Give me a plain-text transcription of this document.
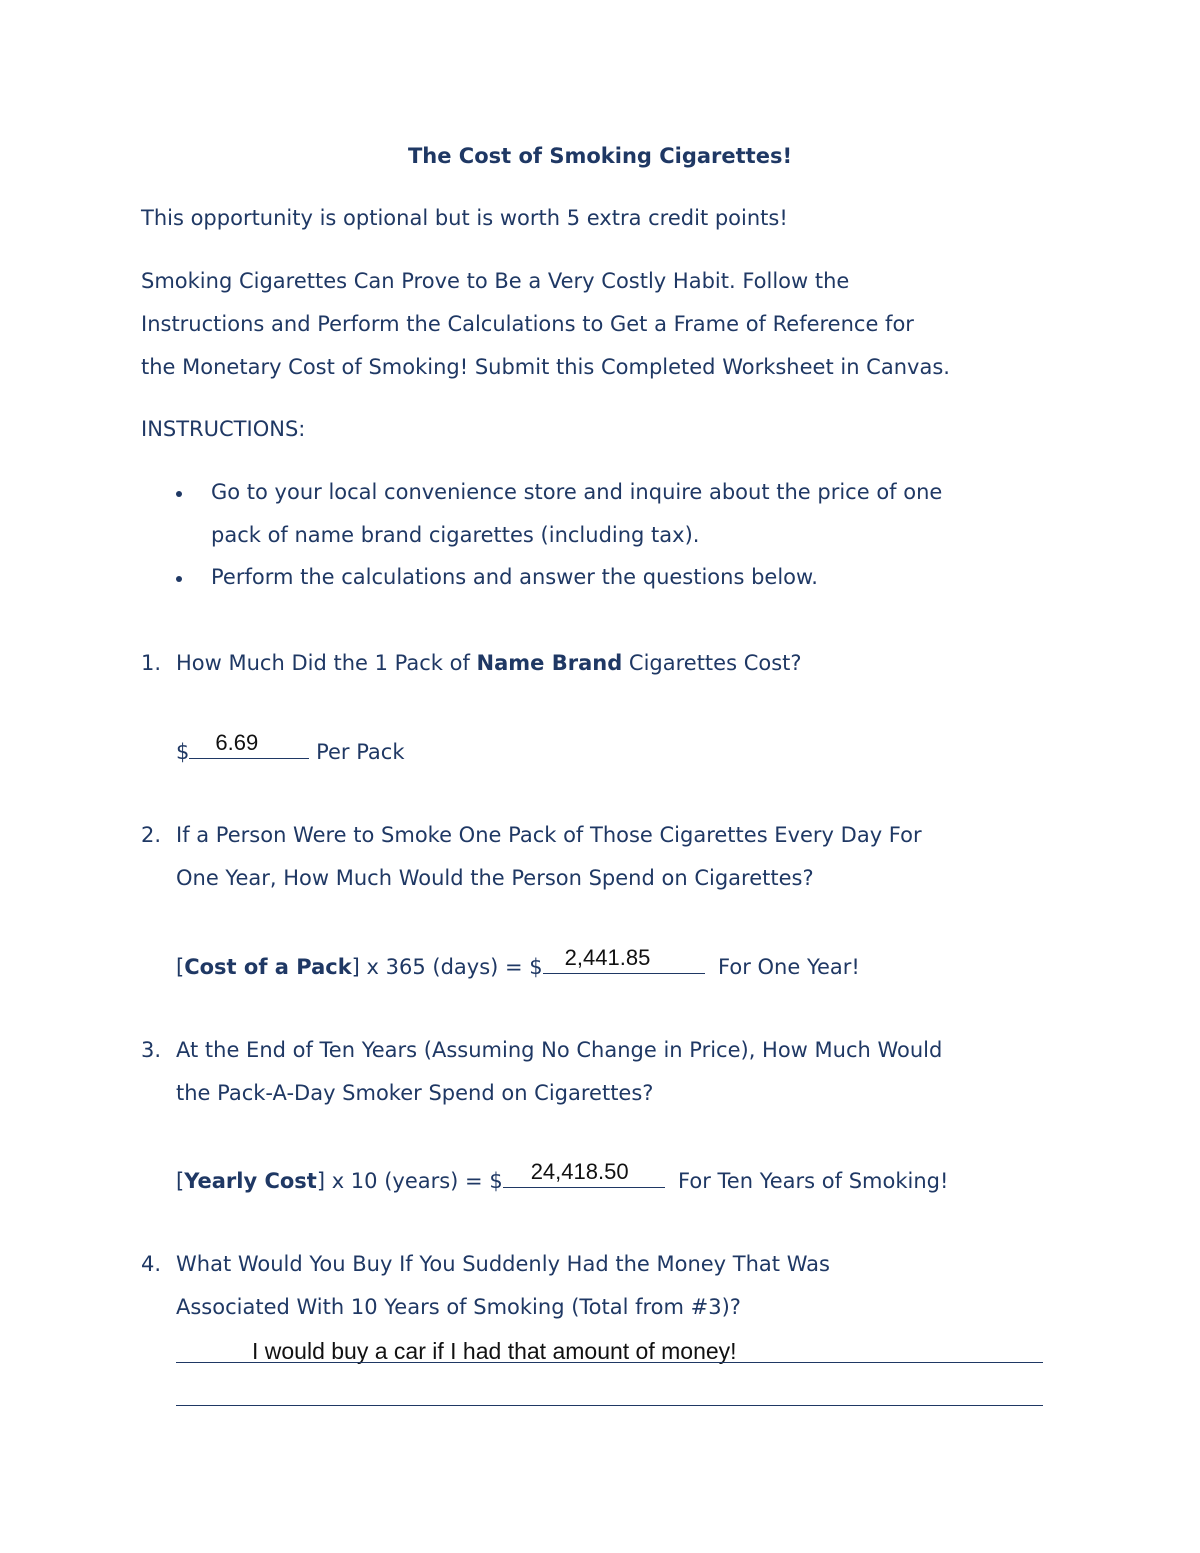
The Cost of Smoking Cigarettes!
This opportunity is optional but is worth 5 extra credit points!
Smoking Cigarettes Can Prove to Be a Very Costly Habit. Follow the
Instructions and Perform the Calculations to Get a Frame of Reference for
the Monetary Cost of Smoking! Submit this Completed Worksheet in Canvas.
INSTRUCTIONS:
Go to your local convenience store and inquire about the price of one
pack of name brand cigarettes (including tax).
Perform the calculations and answer the questions below.
1. How Much Did the 1 Pack of Name Brand Cigarettes Cost?
$ 6.69	Per Pack
2. If a Person Were to Smoke One Pack of Those Cigarettes Every Day For
One Year, How Much Would the Person Spend on Cigarettes?
[Cost of a Pack] x 365 (days) = $ 2,441.85	For One Year!
3. At the End of Ten Years (Assuming No Change in Price), How Much Would
the Pack-A-Day Smoker Spend on Cigarettes?
[Yearly Cost] x 10 (years) = $ 24,418.50 For Ten Years of Smoking!
4. What Would You Buy If You Suddenly Had the Money That Was
Associated With 10 Years of Smoking (Total from #3)?
I would buy a car if I had that amount of money!
